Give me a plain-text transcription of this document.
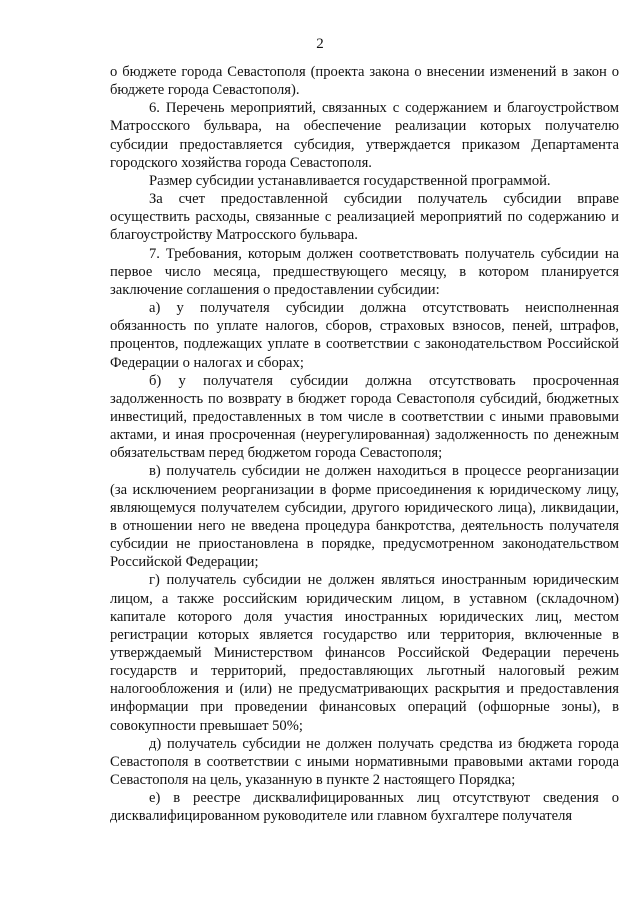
2

о бюджете города Севастополя (проекта закона о внесении изменений в закон о бюджете города Севастополя).

6. Перечень мероприятий, связанных с содержанием и благоустройством Матросского бульвара, на обеспечение реализации которых получателю субсидии предоставляется субсидия, утверждается приказом Департамента городского хозяйства города Севастополя.

Размер субсидии устанавливается государственной программой.

За счет предоставленной субсидии получатель субсидии вправе осуществить расходы, связанные с реализацией мероприятий по содержанию и благоустройству Матросского бульвара.

7. Требования, которым должен соответствовать получатель субсидии на первое число месяца, предшествующего месяцу, в котором планируется заключение соглашения о предоставлении субсидии:

а) у получателя субсидии должна отсутствовать неисполненная обязанность по уплате налогов, сборов, страховых взносов, пеней, штрафов, процентов, подлежащих уплате в соответствии с законодательством Российской Федерации о налогах и сборах;

б) у получателя субсидии должна отсутствовать просроченная задолженность по возврату в бюджет города Севастополя субсидий, бюджетных инвестиций, предоставленных в том числе в соответствии с иными правовыми актами, и иная просроченная (неурегулированная) задолженность по денежным обязательствам перед бюджетом города Севастополя;

в) получатель субсидии не должен находиться в процессе реорганизации (за исключением реорганизации в форме присоединения к юридическому лицу, являющемуся получателем субсидии, другого юридического лица), ликвидации, в отношении него не введена процедура банкротства, деятельность получателя субсидии не приостановлена в порядке, предусмотренном законодательством Российской Федерации;

г) получатель субсидии не должен являться иностранным юридическим лицом, а также российским юридическим лицом, в уставном (складочном) капитале которого доля участия иностранных юридических лиц, местом регистрации которых является государство или территория, включенные в утверждаемый Министерством финансов Российской Федерации перечень государств и территорий, предоставляющих льготный налоговый режим налогообложения и (или) не предусматривающих раскрытия и предоставления информации при проведении финансовых операций (офшорные зоны), в совокупности превышает 50%;

д) получатель субсидии не должен получать средства из бюджета города Севастополя в соответствии с иными нормативными правовыми актами города Севастополя на цель, указанную в пункте 2 настоящего Порядка;

е) в реестре дисквалифицированных лиц отсутствуют сведения о дисквалифицированном руководителе или главном бухгалтере получателя
